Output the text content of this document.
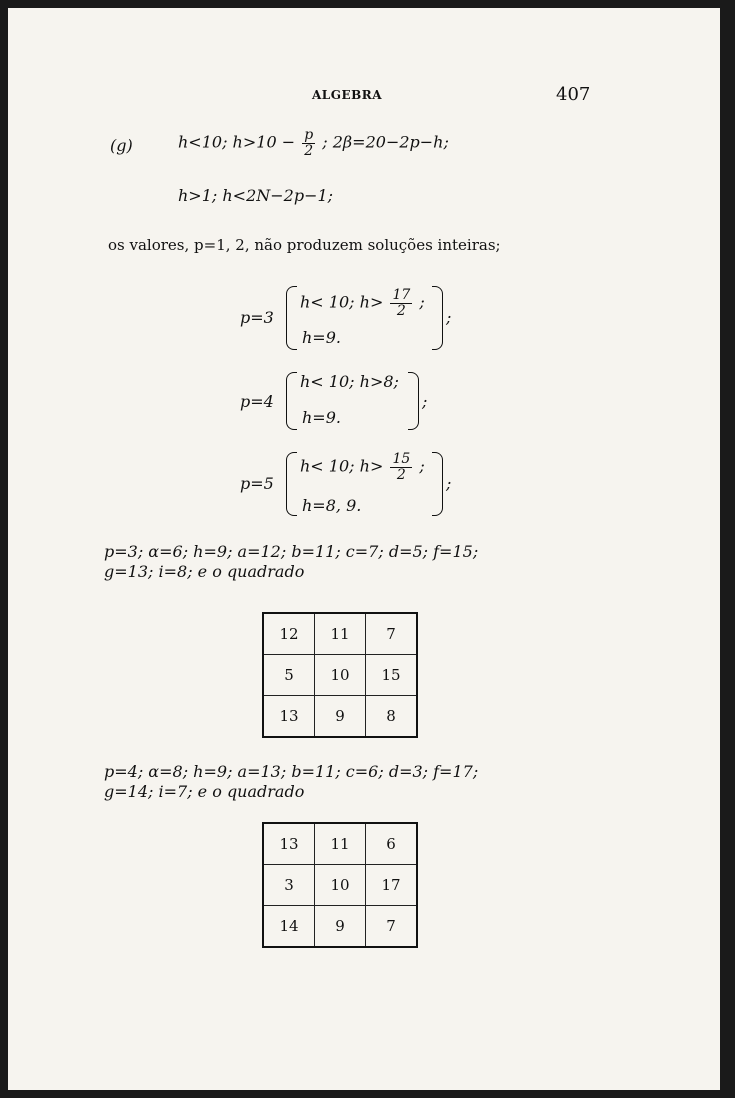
ALGEBRA	407
(g)	h<10; $h>10 - \frac{p}{2}$ ; 2β=20−2p−h;
h>1; h<2N−2p−1;
os valores, p=1, 2, não produzem soluções inteiras;
p=3
h< 10; $h> \frac{17}{2}$ ;
h=9.
;
p=4
h< 10; h>8;
h=9.
;
p=5
h< 10; $h> \frac{15}{2}$ ;
h=8, 9.
;
p=3; α=6; h=9; a=12; b=11; c=7; d=5; f=15;
g=13; i=8; e o quadrado
12	11	7
5	10	15
13	9	8
p=4; α=8; h=9; a=13; b=11; c=6; d=3; f=17;
g=14; i=7; e o quadrado
13	11	6
3	10	17
14	9	7
